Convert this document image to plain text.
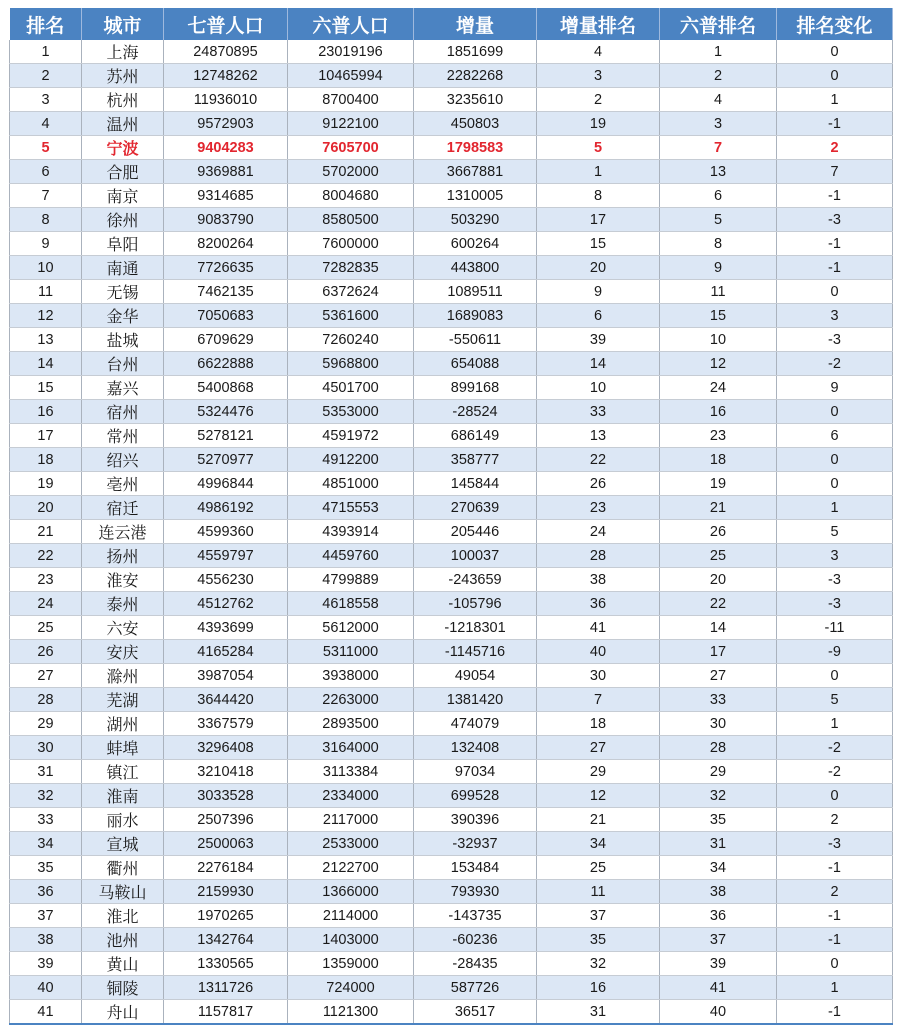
排名	城市	七普人口	六普人口	增量	增量排名	六普排名	排名变化
1	上海	24870895	23019196	1851699	4	1	0
2	苏州	12748262	10465994	2282268	3	2	0
3	杭州	11936010	8700400	3235610	2	4	1
4	温州	9572903	9122100	450803	19	3	-1
5	宁波	9404283	7605700	1798583	5	7	2
6	合肥	9369881	5702000	3667881	1	13	7
7	南京	9314685	8004680	1310005	8	6	-1
8	徐州	9083790	8580500	503290	17	5	-3
9	阜阳	8200264	7600000	600264	15	8	-1
10	南通	7726635	7282835	443800	20	9	-1
11	无锡	7462135	6372624	1089511	9	11	0
12	金华	7050683	5361600	1689083	6	15	3
13	盐城	6709629	7260240	-550611	39	10	-3
14	台州	6622888	5968800	654088	14	12	-2
15	嘉兴	5400868	4501700	899168	10	24	9
16	宿州	5324476	5353000	-28524	33	16	0
17	常州	5278121	4591972	686149	13	23	6
18	绍兴	5270977	4912200	358777	22	18	0
19	亳州	4996844	4851000	145844	26	19	0
20	宿迁	4986192	4715553	270639	23	21	1
21	连云港	4599360	4393914	205446	24	26	5
22	扬州	4559797	4459760	100037	28	25	3
23	淮安	4556230	4799889	-243659	38	20	-3
24	泰州	4512762	4618558	-105796	36	22	-3
25	六安	4393699	5612000	-1218301	41	14	-11
26	安庆	4165284	5311000	-1145716	40	17	-9
27	滁州	3987054	3938000	49054	30	27	0
28	芜湖	3644420	2263000	1381420	7	33	5
29	湖州	3367579	2893500	474079	18	30	1
30	蚌埠	3296408	3164000	132408	27	28	-2
31	镇江	3210418	3113384	97034	29	29	-2
32	淮南	3033528	2334000	699528	12	32	0
33	丽水	2507396	2117000	390396	21	35	2
34	宣城	2500063	2533000	-32937	34	31	-3
35	衢州	2276184	2122700	153484	25	34	-1
36	马鞍山	2159930	1366000	793930	11	38	2
37	淮北	1970265	2114000	-143735	37	36	-1
38	池州	1342764	1403000	-60236	35	37	-1
39	黄山	1330565	1359000	-28435	32	39	0
40	铜陵	1311726	724000	587726	16	41	1
41	舟山	1157817	1121300	36517	31	40	-1
